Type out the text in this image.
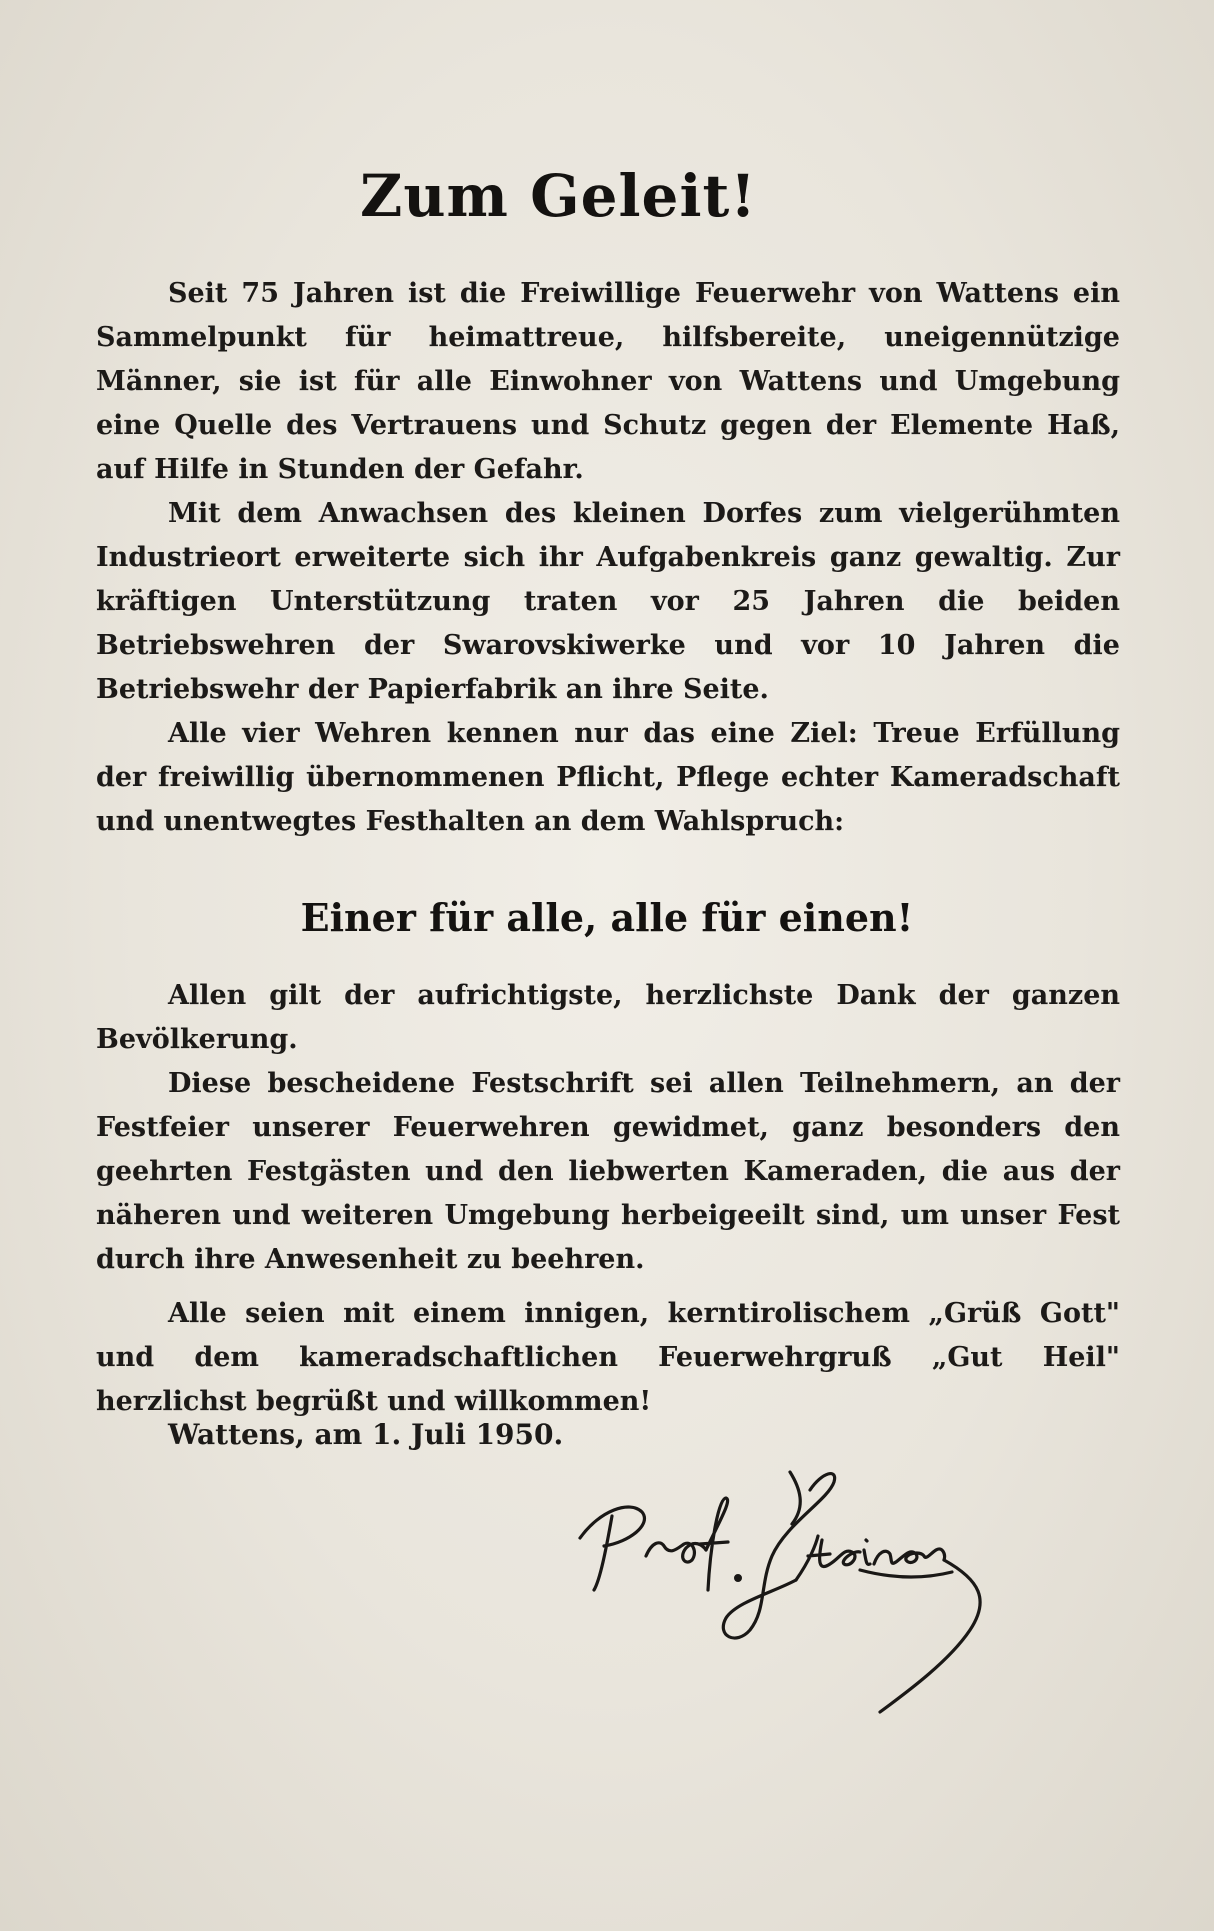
Zum Geleit!

Seit 75 Jahren ist die Freiwillige Feuerwehr von Wattens ein Sammelpunkt für heimattreue, hilfsbereite, uneigennützige Männer, sie ist für alle Einwohner von Wattens und Umgebung eine Quelle des Vertrauens und Schutz gegen der Elemente Haß, auf Hilfe in Stunden der Gefahr.

Mit dem Anwachsen des kleinen Dorfes zum vielgerühmten Industrieort erweiterte sich ihr Aufgabenkreis ganz gewaltig. Zur kräftigen Unterstützung traten vor 25 Jahren die beiden Betriebswehren der Swarovskiwerke und vor 10 Jahren die Betriebswehr der Papierfabrik an ihre Seite.

Alle vier Wehren kennen nur das eine Ziel: Treue Erfüllung der freiwillig übernommenen Pflicht, Pflege echter Kameradschaft und unentwegtes Festhalten an dem Wahlspruch:

Einer für alle, alle für einen!

Allen gilt der aufrichtigste, herzlichste Dank der ganzen Bevölkerung.

Diese bescheidene Festschrift sei allen Teilnehmern, an der Festfeier unserer Feuerwehren gewidmet, ganz besonders den geehrten Festgästen und den liebwerten Kameraden, die aus der näheren und weiteren Umgebung herbeigeeilt sind, um unser Fest durch ihre Anwesenheit zu beehren.

Alle seien mit einem innigen, kerntirolischem „Grüß Gott" und dem kameradschaftlichen Feuerwehrgruß „Gut Heil" herzlichst begrüßt und willkommen!

Wattens, am 1. Juli 1950.
